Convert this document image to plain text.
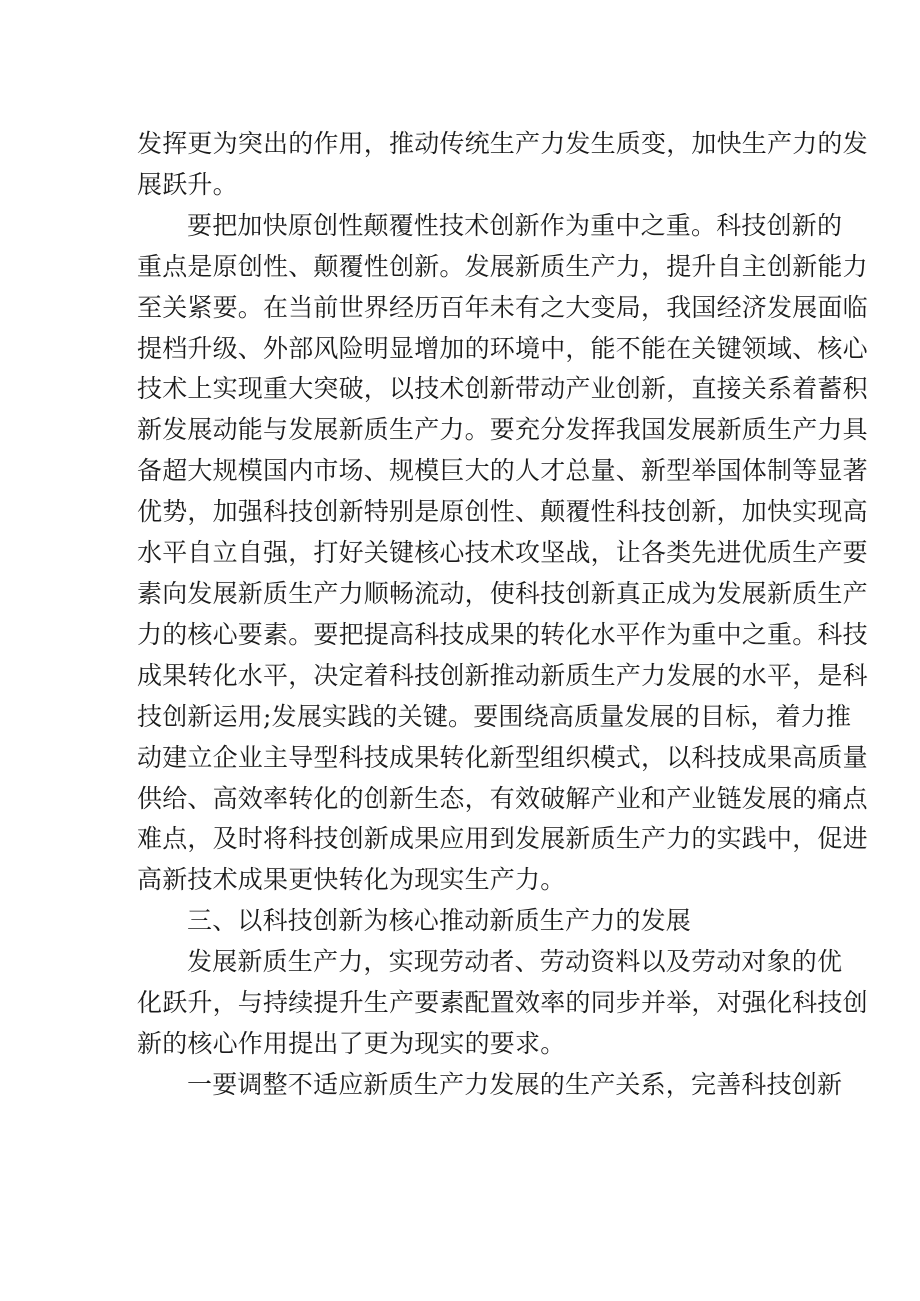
发挥更为突出的作用，推动传统生产力发生质变，加快生产力的发
展跃升。
要把加快原创性颠覆性技术创新作为重中之重。科技创新的
重点是原创性、颠覆性创新。发展新质生产力，提升自主创新能力
至关紧要。在当前世界经历百年未有之大变局，我国经济发展面临
提档升级、外部风险明显增加的环境中，能不能在关键领域、核心
技术上实现重大突破，以技术创新带动产业创新，直接关系着蓄积
新发展动能与发展新质生产力。要充分发挥我国发展新质生产力具
备超大规模国内市场、规模巨大的人才总量、新型举国体制等显著
优势，加强科技创新特别是原创性、颠覆性科技创新，加快实现高
水平自立自强，打好关键核心技术攻坚战，让各类先进优质生产要
素向发展新质生产力顺畅流动，使科技创新真正成为发展新质生产
力的核心要素。要把提高科技成果的转化水平作为重中之重。科技
成果转化水平，决定着科技创新推动新质生产力发展的水平，是科
技创新运用;发展实践的关键。要围绕高质量发展的目标，着力推
动建立企业主导型科技成果转化新型组织模式，以科技成果高质量
供给、高效率转化的创新生态，有效破解产业和产业链发展的痛点
难点，及时将科技创新成果应用到发展新质生产力的实践中，促进
高新技术成果更快转化为现实生产力。
三、以科技创新为核心推动新质生产力的发展
发展新质生产力，实现劳动者、劳动资料以及劳动对象的优
化跃升，与持续提升生产要素配置效率的同步并举，对强化科技创
新的核心作用提出了更为现实的要求。
一要调整不适应新质生产力发展的生产关系，完善科技创新
